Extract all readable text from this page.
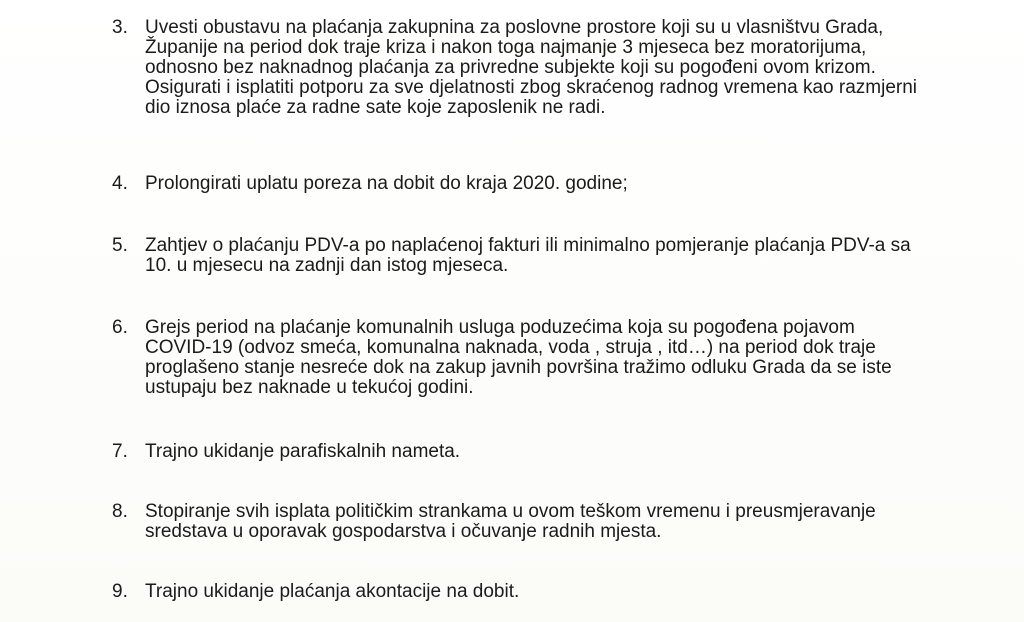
3. Uvesti obustavu na plaćanja zakupnina za poslovne prostore koji su u vlasništvu Grada,
Županije na period dok traje kriza i nakon toga najmanje 3 mjeseca bez moratorijuma,
odnosno bez naknadnog plaćanja za privredne subjekte koji su pogođeni ovom krizom.
Osigurati i isplatiti potporu za sve djelatnosti zbog skraćenog radnog vremena kao razmjerni
dio iznosa plaće za radne sate koje zaposlenik ne radi.
4. Prolongirati uplatu poreza na dobit do kraja 2020. godine;
5. Zahtjev o plaćanju PDV-a po naplaćenoj fakturi ili minimalno pomjeranje plaćanja PDV-a sa
10. u mjesecu na zadnji dan istog mjeseca.
6. Grejs period na plaćanje komunalnih usluga poduzećima koja su pogođena pojavom
COVID-19 (odvoz smeća, komunalna naknada, voda , struja , itd…) na period dok traje
proglašeno stanje nesreće dok na zakup javnih površina tražimo odluku Grada da se iste
ustupaju bez naknade u tekućoj godini.
7. Trajno ukidanje parafiskalnih nameta.
8. Stopiranje svih isplata političkim strankama u ovom teškom vremenu i preusmjeravanje
sredstava u oporavak gospodarstva i očuvanje radnih mjesta.
9. Trajno ukidanje plaćanja akontacije na dobit.
